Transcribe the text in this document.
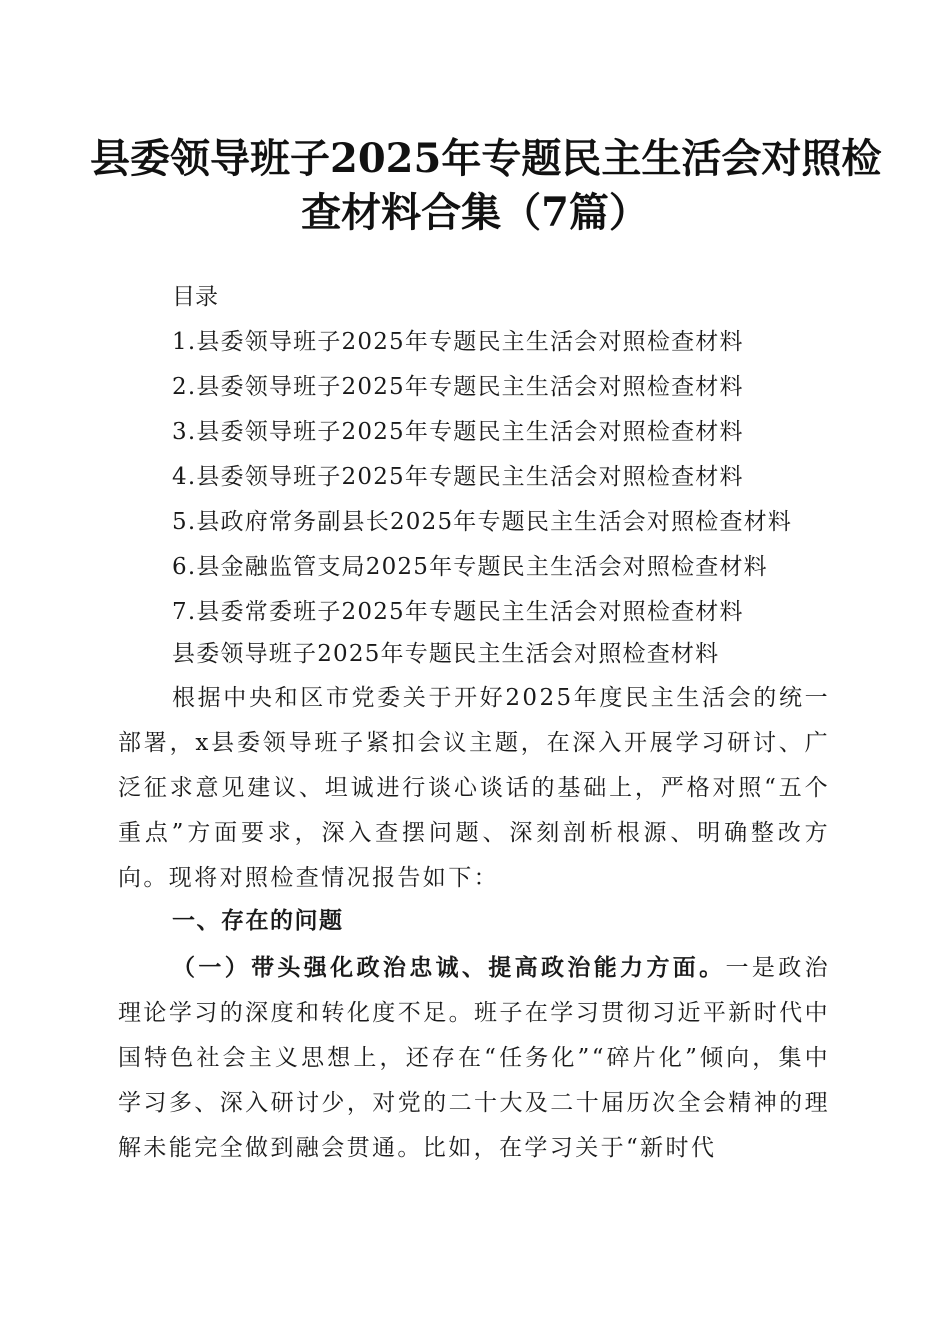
县委领导班子2025年专题民主生活会对照检
查材料合集（7篇）
目录
1.县委领导班子2025年专题民主生活会对照检查材料
2.县委领导班子2025年专题民主生活会对照检查材料
3.县委领导班子2025年专题民主生活会对照检查材料
4.县委领导班子2025年专题民主生活会对照检查材料
5.县政府常务副县长2025年专题民主生活会对照检查材料
6.县金融监管支局2025年专题民主生活会对照检查材料
7.县委常委班子2025年专题民主生活会对照检查材料
县委领导班子2025年专题民主生活会对照检查材料

根据中央和区市党委关于开好2025年度民主生活会的统一部署，x县委领导班子紧扣会议主题，在深入开展学习研讨、广泛征求意见建议、坦诚进行谈心谈话的基础上，严格对照“五个重点”方面要求，深入查摆问题、深刻剖析根源、明确整改方向。现将对照检查情况报告如下：

一、存在的问题

（一）带头强化政治忠诚、提高政治能力方面。一是政治理论学习的深度和转化度不足。班子在学习贯彻习近平新时代中国特色社会主义思想上，还存在“任务化”“碎片化”倾向，集中学习多、深入研讨少，对党的二十大及二十届历次全会精神的理解未能完全做到融会贯通。比如，在学习关于“新时代
